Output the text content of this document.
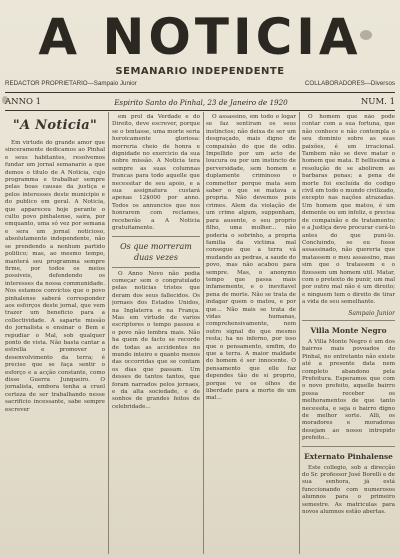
A NOTICIA
SEMANARIO INDEPENDENTE
REDACTOR PROPRIETARIO—Sampaio Junior	COLLABORADORES—Diversos
ANNO 1	Espirito Santo do Pinhal, 23 de Janeiro de 1920	NUM. 1
"A Noticia"

Em virtude do grande amor que sinceramente dedicamos ao Pinhal e seus habitantes, resolvemos fundar um jornal semanario a que demos o titulo de A Noticia, cujo programma e trabalhar sempre pelas boas causas da justiça e pelos interesses deste municipio e do publico em geral. A Noticia, que appareceu hoje perante o culto povo pinhalense, saira, por emquanto, uma só vez por semana e sera um jornal noticioso, absolutamente independente, não se prendendo a nenhum partido politico; mas, ao mesmo tempo, manterá seu programma sempre firme, por todos os meios possiveis, defendendo os interesses da nossa communidade. Nos estamos convictos que o povo pinhalense saberá corresponder aos esforços deste jornal, que vem trazer um beneficio para a collectividade. A saparte missão do jornalista e ensinar o Bem e repudiar o Mal, sob qualquer ponto de vista. Não basta cantar a estrella e promover o desenvolvimento da terra; é preciso que se faça sentir o esforço e a acção constante, como disse Guerra Junqueiro. O jornalista, embora tenha a cruel certeza de ser trabalhando nesse sacrificio incessante, sabe sempre escrever

em prol da Verdade e do Direito, deve escrever, porque se o tentasse, uma morte seria heroicamente gloriosa: morreria cheio de honra e dignidade no exercicio da sua nobre missão. A Noticia tera sempre as suas columnas francas para todo aquelle que necessitar de seu apoio, e a sua assignatura custará apenas 12$000 por anno. Todos os annuncios que nos honrarem com reclames, receberão a A Noticia gratuitamente.

Os que morreram duas vezes

O Anno Novo não podia começar sem o congratulado pelas noticias tristes que deram dos seus fallecidos. Os jornaes dos Estados Unidos, na Inglaterra e na França. Mas em virtude de varios escriptores o tempo passou e o povo não lembra mais. Não ha quem de facto se recorde de todas as accidentes no mundo inteiro e quanto menos das occorridas que se contam os dias que passam. Um desses de tantos tantos, que foram narrados pelos jornaes, e da alta sociedade, e de sonhos de grandes feitos de celebridade...

O assassino, em todo o logar se faz sentiram os seus instinctos; não deixa de ser um desgraçado, mais digno de compaixão do que de odio. Impellido por um acto de loucura ou por um instincto de perversidade, sem homem e duplamente criminoso o commetter porque mata sem saber o que se matava a propria. Não devemos pois crimes. Alem da violação de um crime algum, supponham, para ausente, o seu proprio filho, uma mulher... não poderia o sobrinho, a propria familia da victima mal consegue que a terra vá mudando as pedras, a saude do povo, mas não acabou para sempre. Mas, o anonymo tempo que passa mais infamemente, e o inevitavel pena de morte. Não se trata de indagar quem o matou, e por que... Não mais se trata de vidas humanas, comprehensivamente, nem outro signal do que mesmo resta; ha no inferno, por isso que o pensamento, emfim, do que a terra. A maior maldade do homem é ser innocente. O pensamento que elle faz dependes tão de si proprio, porque ve os olhos de liberdade para a morte de um mal...

O homem que não pode contar com a sua fortuna, que não conhece e não contempla o seu dominio sobre as suas paixões, é um irracional. Tambem não se deve matar o homem que mata. E bellissima a resolução de se abolirem as barbaras penas; a pena de morte foi excluída do codigo civil em todo o mundo civilizado, excepto nas nações atrazadas. Um homem que matou, é um demente ou um infeliz, e precisa de compaixão e de tratamento; e a Justiça deve procurar curá-lo antes do que puni-lo. Concluindo, se eu fosse assassinado, não quereria que matassem o meu assassino, mas sim que o tratassem e o fizessem um homem util. Matar, com o pretexto de punir, um mal por outro mal não é um direito; e ninguem tem o direito de tirar a vida de seu semelhante.

Sampaio Junior
Villa Monte Negro

A Villa Monte Negro é um dos bairros mais povoados do Pinhal, no entretanto não existe até a presente data nem completo abandono pela Prefeitura. Esperamos que com o novo prefeito, aquelle bairro possa receber os melhoramentos de que tanto necessita, e seja o bairro digno de melhor sorte. Alli, os moradores e moradoras desejam ao nosso intrepido prefeito...

Externato Pinhalense

Este collegio, sob a direcção do Sr. professor José Borelli e de sua senhora, já está funccionando com numerosos alumnos para o primeiro semestre. As matriculas para novos alumnos estão abertas.
